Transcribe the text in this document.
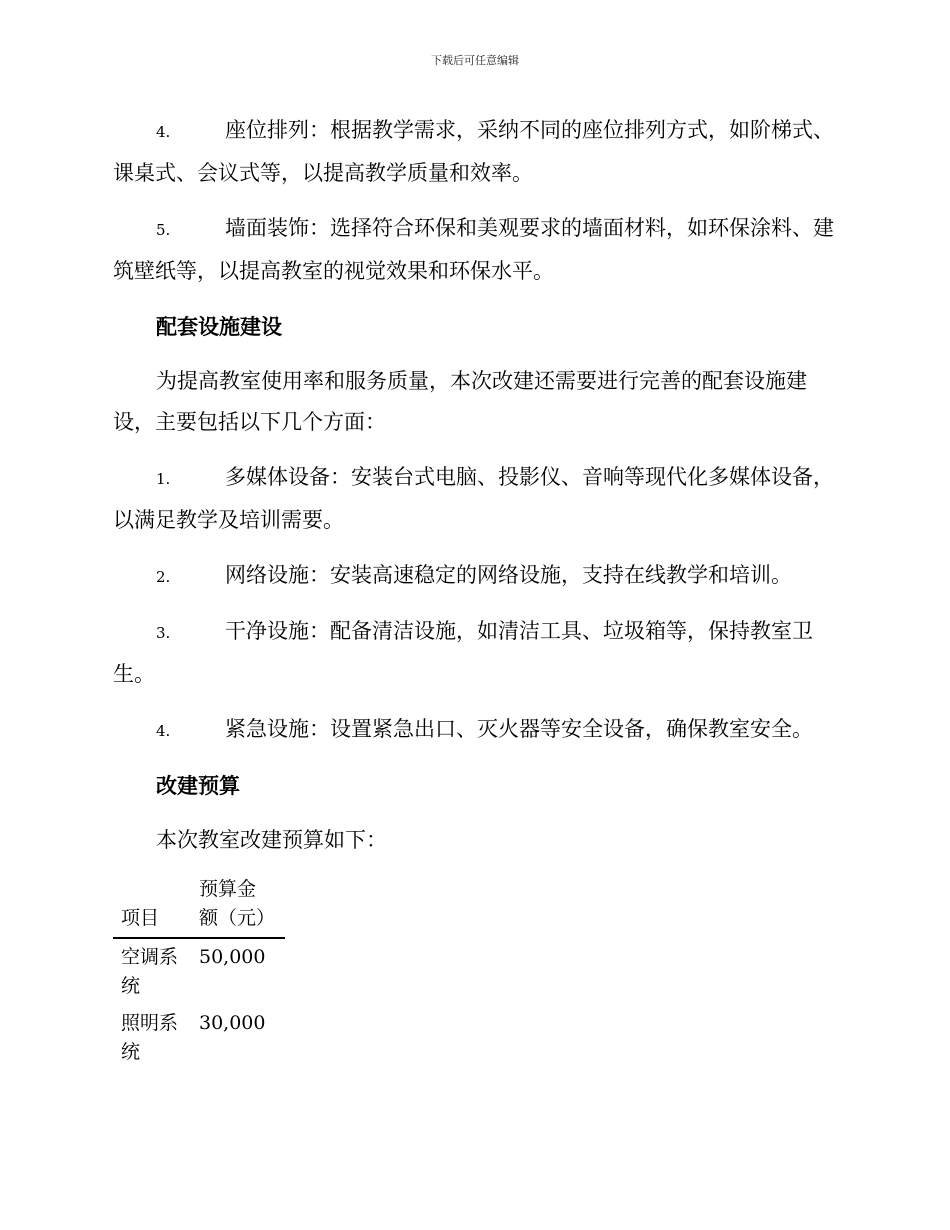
下载后可任意编辑

4.	座位排列：根据教学需求，采纳不同的座位排列方式，如阶梯式、课桌式、会议式等，以提高教学质量和效率。

5.	墙面装饰：选择符合环保和美观要求的墙面材料，如环保涂料、建筑壁纸等，以提高教室的视觉效果和环保水平。

配套设施建设

为提高教室使用率和服务质量，本次改建还需要进行完善的配套设施建设，主要包括以下几个方面：

1.	多媒体设备：安装台式电脑、投影仪、音响等现代化多媒体设备，以满足教学及培训需要。

2.	网络设施：安装高速稳定的网络设施，支持在线教学和培训。

3.	干净设施：配备清洁设施，如清洁工具、垃圾箱等，保持教室卫生。

4.	紧急设施：设置紧急出口、灭火器等安全设备，确保教室安全。

改建预算

本次教室改建预算如下：

项目	预算金额（元）

空调系统	50,000

照明系统	30,000
